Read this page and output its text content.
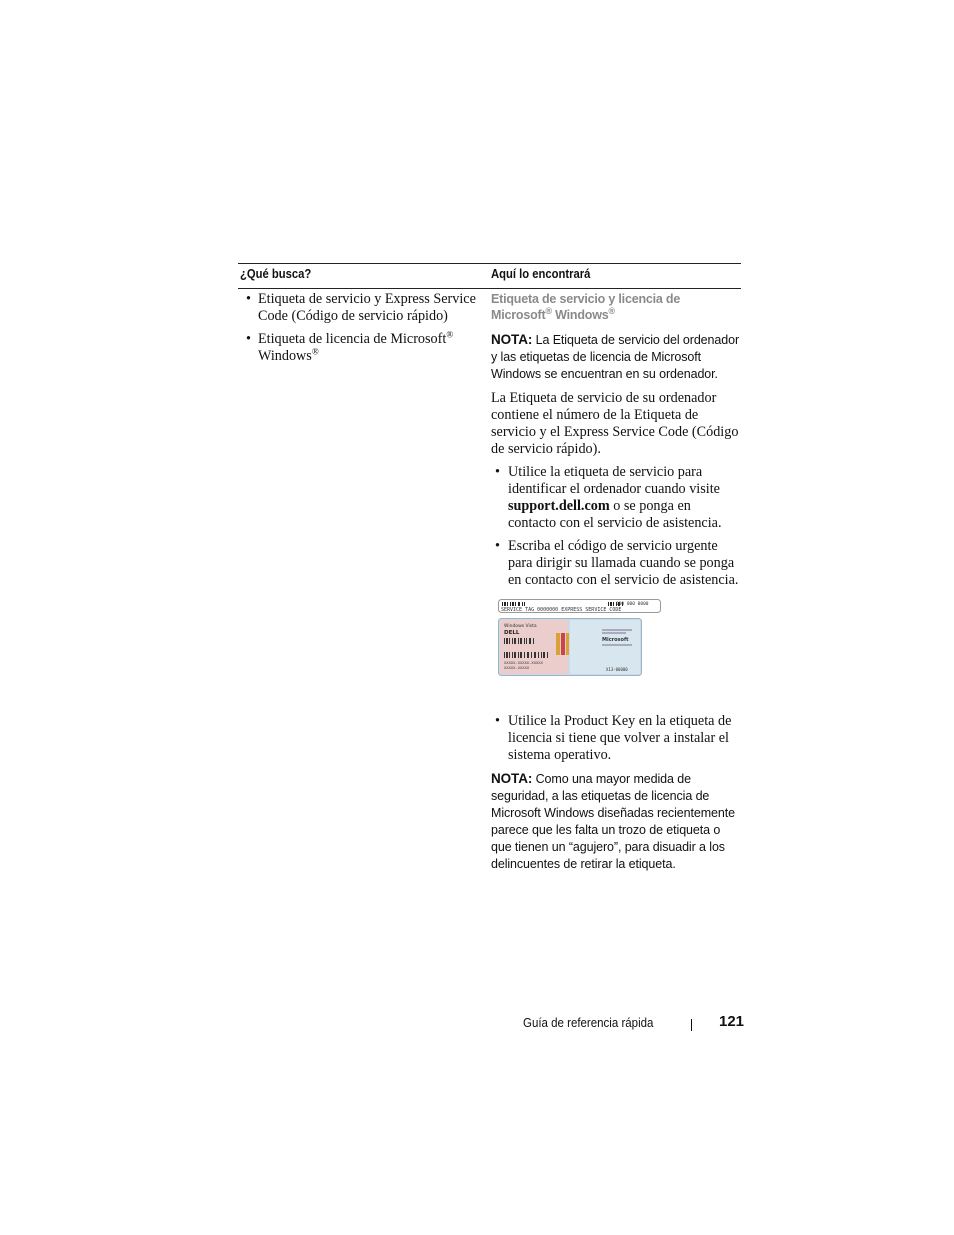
¿Qué busca?	Aquí lo encontrará
• Etiqueta de servicio y Express Service Code (Código de servicio rápido)
• Etiqueta de licencia de Microsoft® Windows®
Etiqueta de servicio y licencia de Microsoft® Windows®
NOTA: La Etiqueta de servicio del ordenador y las etiquetas de licencia de Microsoft Windows se encuentran en su ordenador.
La Etiqueta de servicio de su ordenador contiene el número de la Etiqueta de servicio y el Express Service Code (Código de servicio rápido).
• Utilice la etiqueta de servicio para identificar el ordenador cuando visite support.dell.com o se ponga en contacto con el servicio de asistencia.
• Escriba el código de servicio urgente para dirigir su llamada cuando se ponga en contacto con el servicio de asistencia.
SERVICE TAG 0000000 EXPRESS SERVICE CODE
000 000 0000
Windows Vista
DELL
XXXXX-XXXXX-XXXXX
XXXXX-XXXXX
Microsoft
X13-00000
• Utilice la Product Key en la etiqueta de licencia si tiene que volver a instalar el sistema operativo.
NOTA: Como una mayor medida de seguridad, a las etiquetas de licencia de Microsoft Windows diseñadas recientemente parece que les falta un trozo de etiqueta o que tienen un “agujero”, para disuadir a los delincuentes de retirar la etiqueta.
Guía de referencia rápida	121
